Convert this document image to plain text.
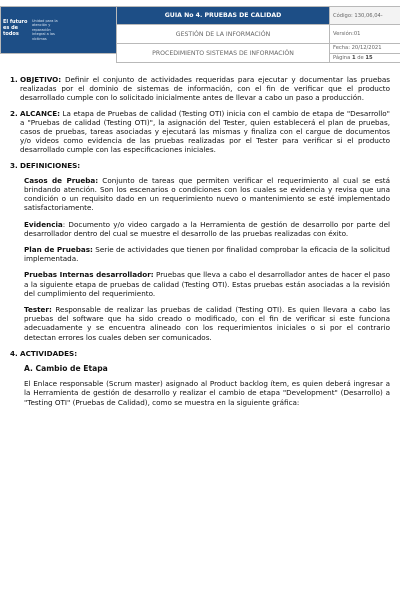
El futuro es de todos
Unidad para la atención y reparación integral a las víctimas	GUIA No 4. PRUEBAS DE CALIDAD	Código: 130,06,04-
	GESTIÓN DE LA INFORMACIÓN	Versión:01
	PROCEDIMIENTO SISTEMAS DE INFORMACIÓN	Fecha: 20/12/2021
		Página 1 de 15
1. OBJETIVO: Definir el conjunto de actividades requeridas para ejecutar y documentar las pruebas realizadas por el dominio de sistemas de información, con el fin de verificar que el producto desarrollado cumple con lo solicitado inicialmente antes de llevar a cabo un paso a producción.
2. ALCANCE: La etapa de Pruebas de calidad (Testing OTI) inicia con el cambio de etapa de "Desarrollo" a "Pruebas de calidad (Testing OTI)", la asignación del Tester, quien establecerá el plan de pruebas, casos de pruebas, tareas asociadas y ejecutará las mismas y finaliza con el cargue de documentos y/o videos como evidencia de las pruebas realizadas por el Tester para verificar si el producto desarrollado cumple con las especificaciones iniciales.
3. DEFINICIONES:
Casos de Prueba: Conjunto de tareas que permiten verificar el requerimiento al cual se está brindando atención. Son los escenarios o condiciones con los cuales se evidencia y revisa que una condición o un requisito dado en un requerimiento nuevo o mantenimiento se esté implementado satisfactoriamente.
Evidencia: Documento y/o video cargado a la Herramienta de gestión de desarrollo por parte del desarrollador dentro del cual se muestre el desarrollo de las pruebas realizadas con éxito.
Plan de Pruebas: Serie de actividades que tienen por finalidad comprobar la eficacia de la solicitud implementada.
Pruebas Internas desarrollador: Pruebas que lleva a cabo el desarrollador antes de hacer el paso a la siguiente etapa de pruebas de calidad (Testing OTI). Estas pruebas están asociadas a la revisión del cumplimiento del requerimiento.
Tester: Responsable de realizar las pruebas de calidad (Testing OTI). Es quien llevara a cabo las pruebas del software que ha sido creado o modificado, con el fin de verificar si este funciona adecuadamente y se encuentra alineado con los requerimientos iniciales o si por el contrario detectan errores los cuales deben ser comunicados.
4. ACTIVIDADES:
A. Cambio de Etapa
El Enlace responsable (Scrum master) asignado al Product backlog ítem, es quien deberá ingresar a la Herramienta de gestión de desarrollo y realizar el cambio de etapa "Development" (Desarrollo) a "Testing OTI" (Pruebas de Calidad), como se muestra en la siguiente gráfica:
